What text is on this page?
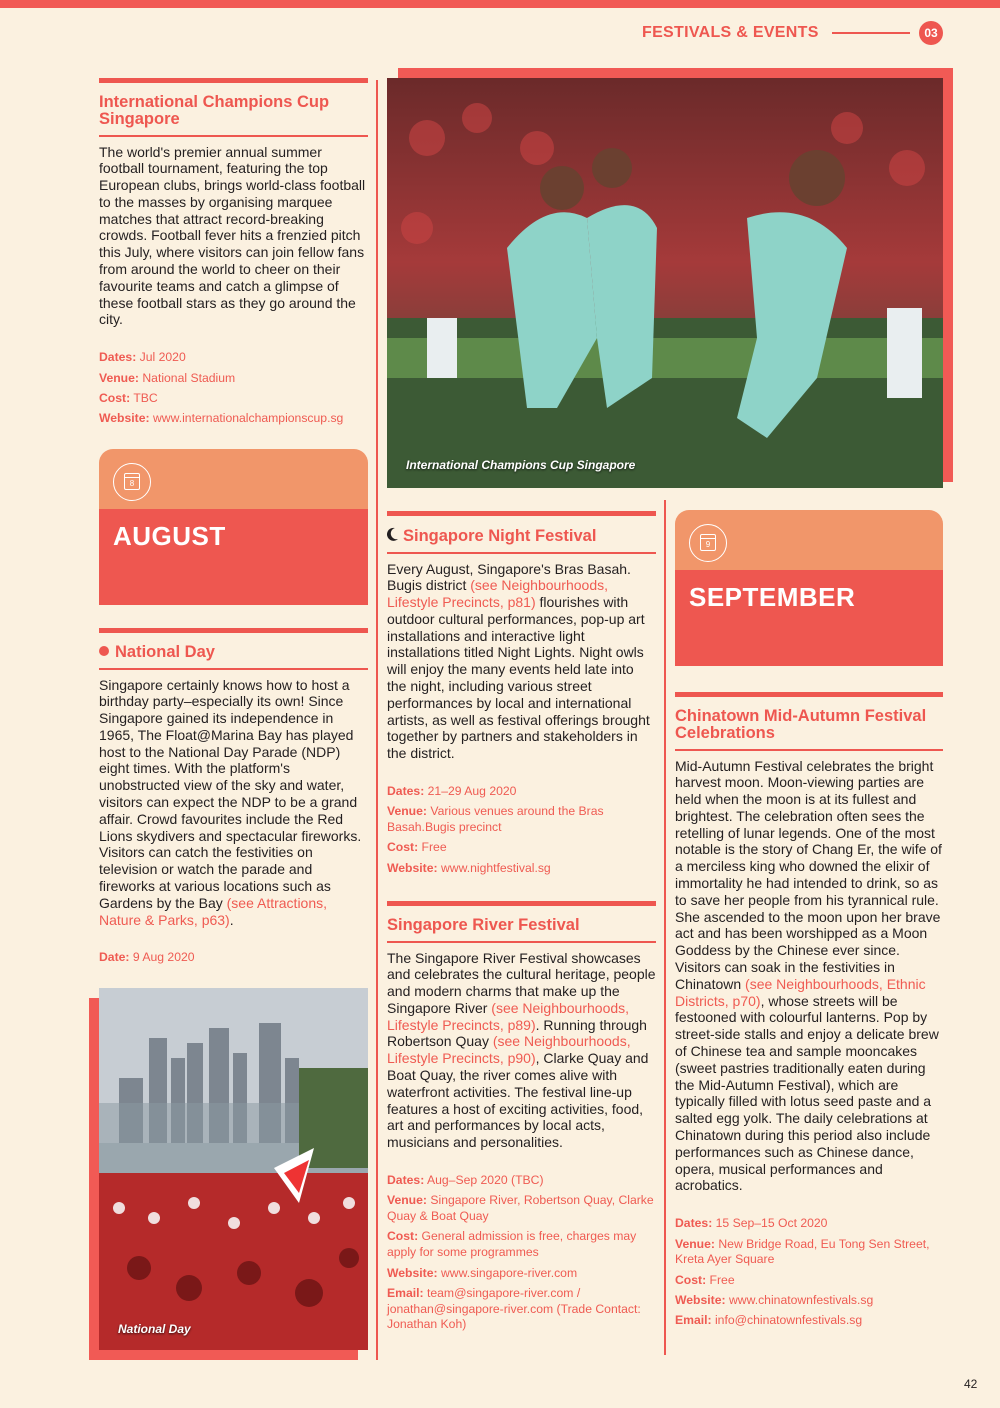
FESTIVALS & EVENTS	03
International Champions Cup Singapore

The world's premier annual summer football tournament, featuring the top European clubs, brings world-class football to the masses by organising marquee matches that attract record-breaking crowds. Football fever hits a frenzied pitch this July, where visitors can join fellow fans from around the world to cheer on their favourite teams and catch a glimpse of these football stars as they go around the city.

Dates: Jul 2020
Venue: National Stadium
Cost: TBC
Website: www.internationalchampionscup.sg
International Champions Cup Singapore
8
AUGUST
National Day

Singapore certainly knows how to host a birthday party–especially its own! Since Singapore gained its independence in 1965, The Float@Marina Bay has played host to the National Day Parade (NDP) eight times. With the platform's unobstructed view of the sky and water, visitors can expect the NDP to be a grand affair. Crowd favourites include the Red Lions skydivers and spectacular fireworks. Visitors can catch the festivities on television or watch the parade and fireworks at various locations such as Gardens by the Bay (see Attractions, Nature & Parks, p63).

Date: 9 Aug 2020
National Day
Singapore Night Festival

Every August, Singapore's Bras Basah. Bugis district (see Neighbourhoods, Lifestyle Precincts, p81) flourishes with outdoor cultural performances, pop-up art installations and interactive light installations titled Night Lights. Night owls will enjoy the many events held late into the night, including various street performances by local and international artists, as well as festival offerings brought together by partners and stakeholders in the district.

Dates: 21–29 Aug 2020
Venue: Various venues around the Bras Basah.Bugis precinct
Cost: Free
Website: www.nightfestival.sg
Singapore River Festival

The Singapore River Festival showcases and celebrates the cultural heritage, people and modern charms that make up the Singapore River (see Neighbourhoods, Lifestyle Precincts, p89). Running through Robertson Quay (see Neighbourhoods, Lifestyle Precincts, p90), Clarke Quay and Boat Quay, the river comes alive with waterfront activities. The festival line-up features a host of exciting activities, food, art and performances by local acts, musicians and personalities.

Dates: Aug–Sep 2020 (TBC)
Venue: Singapore River, Robertson Quay, Clarke Quay & Boat Quay
Cost: General admission is free, charges may apply for some programmes
Website: www.singapore-river.com
Email: team@singapore-river.com / jonathan@singapore-river.com (Trade Contact: Jonathan Koh)
9
SEPTEMBER
Chinatown Mid-Autumn Festival Celebrations

Mid-Autumn Festival celebrates the bright harvest moon. Moon-viewing parties are held when the moon is at its fullest and brightest. The celebration often sees the retelling of lunar legends. One of the most notable is the story of Chang Er, the wife of a merciless king who downed the elixir of immortality he had intended to drink, so as to save her people from his tyrannical rule. She ascended to the moon upon her brave act and has been worshipped as a Moon Goddess by the Chinese ever since. Visitors can soak in the festivities in Chinatown (see Neighbourhoods, Ethnic Districts, p70), whose streets will be festooned with colourful lanterns. Pop by street-side stalls and enjoy a delicate brew of Chinese tea and sample mooncakes (sweet pastries traditionally eaten during the Mid-Autumn Festival), which are typically filled with lotus seed paste and a salted egg yolk. The daily celebrations at Chinatown during this period also include performances such as Chinese dance, opera, musical performances and acrobatics.

Dates: 15 Sep–15 Oct 2020
Venue: New Bridge Road, Eu Tong Sen Street, Kreta Ayer Square
Cost: Free
Website: www.chinatownfestivals.sg
Email: info@chinatownfestivals.sg
42
